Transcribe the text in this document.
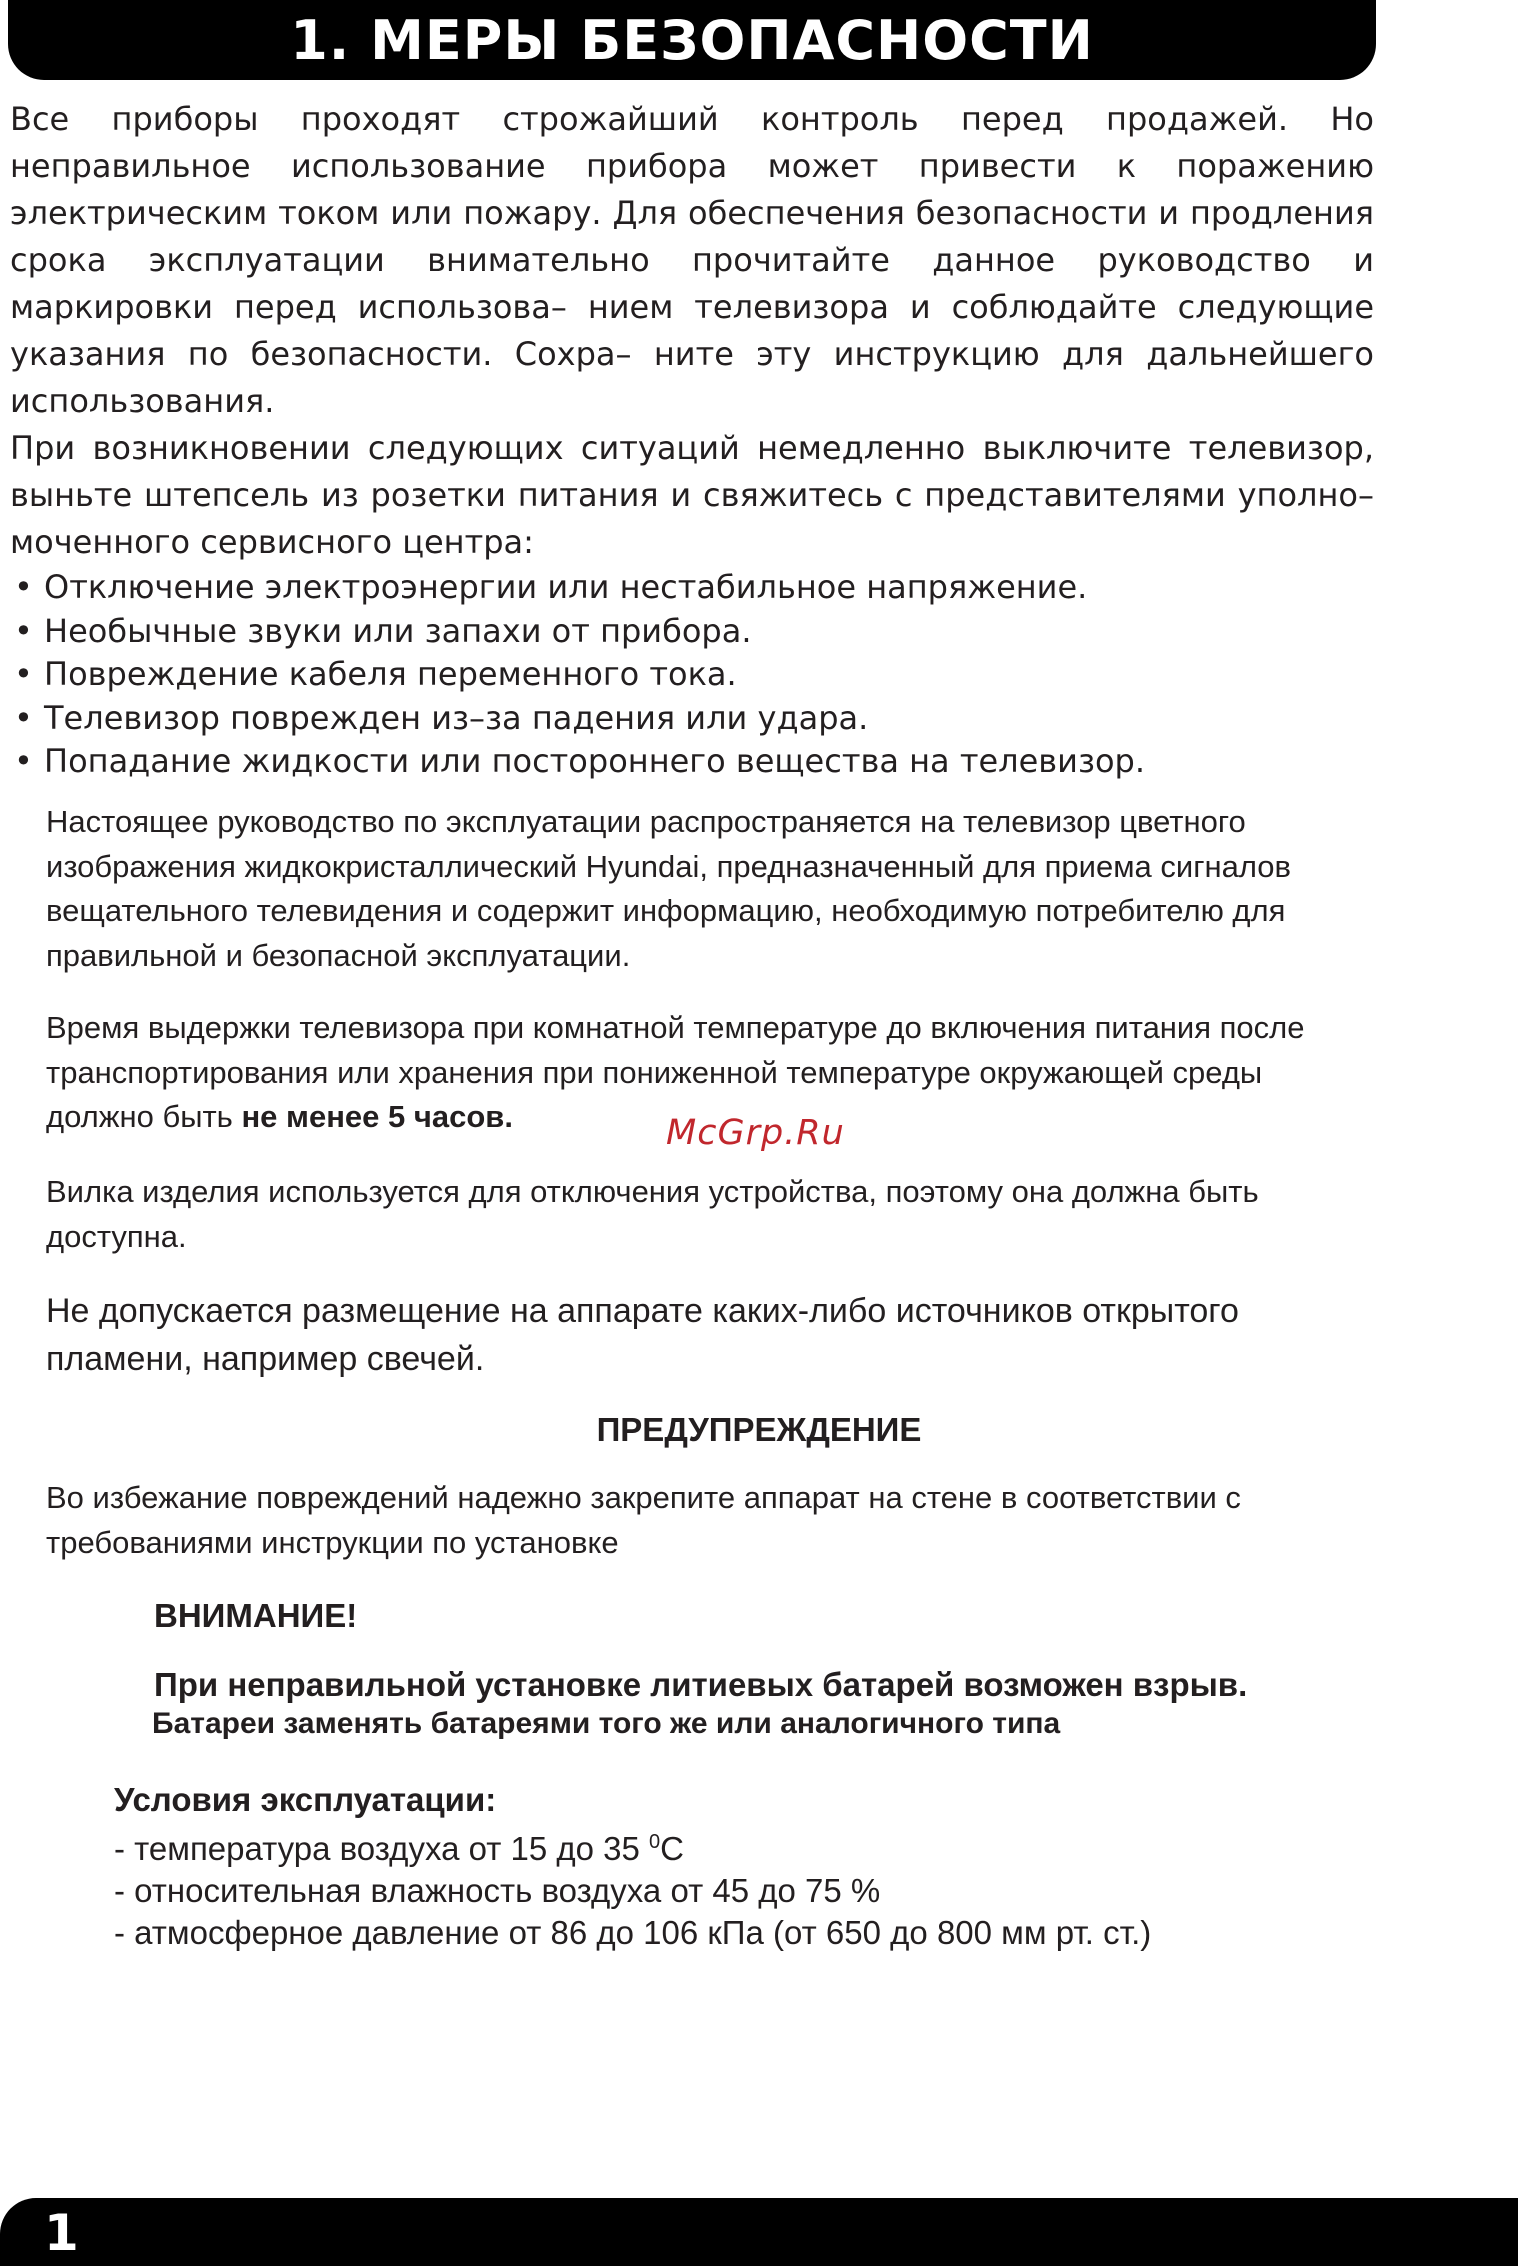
1. МЕРЫ БЕЗОПАСНОСТИ

Все приборы проходят строжайший контроль перед продажей. Но неправильное использование прибора может привести к поражению электрическим током или пожару. Для обеспечения безопасности и продления срока эксплуатации внимательно прочитайте данное руководство и маркировки перед использова– нием телевизора и соблюдайте следующие указания по безопасности. Сохра– ните эту инструкцию для дальнейшего использования.

При возникновении следующих ситуаций немедленно выключите телевизор, выньте штепсель из розетки питания и свяжитесь с представителями уполно– моченного сервисного центра:

• Отключение электроэнергии или нестабильное напряжение.
• Необычные звуки или запахи от прибора.
• Повреждение кабеля переменного тока.
• Телевизор поврежден из–за падения или удара.
• Попадание жидкости или постороннего вещества на телевизор.

Настоящее руководство по эксплуатации распространяется на телевизор цветного

изображения жидкокристаллический Hyundai, предназначенный для приема сигналов

вещательного телевидения и содержит информацию, необходимую потребителю для

правильной и безопасной эксплуатации.

Время выдержки телевизора при комнатной температуре до включения питания после

транспортирования или хранения при пониженной температуре окружающей среды

должно быть не менее 5 часов.	McGrp.Ru

Вилка изделия используется для отключения устройства, поэтому она должна быть

доступна.

Не допускается размещение на аппарате каких-либо источников открытого

пламени, например свечей.

ПРЕДУПРЕЖДЕНИЕ

Во избежание повреждений надежно закрепите аппарат на стене в соответствии с

требованиями инструкции по установке

ВНИМАНИЕ!
При неправильной установке литиевых батарей возможен взрыв.
Батареи заменять батареями того же или аналогичного типа

Условия эксплуатации:

- температура воздуха от 15 до 35 $^0$С

- относительная влажность воздуха от 45 до 75 %

- атмосферное давление от 86 до 106 кПа (от 650 до 800 мм рт. ст.)

1
